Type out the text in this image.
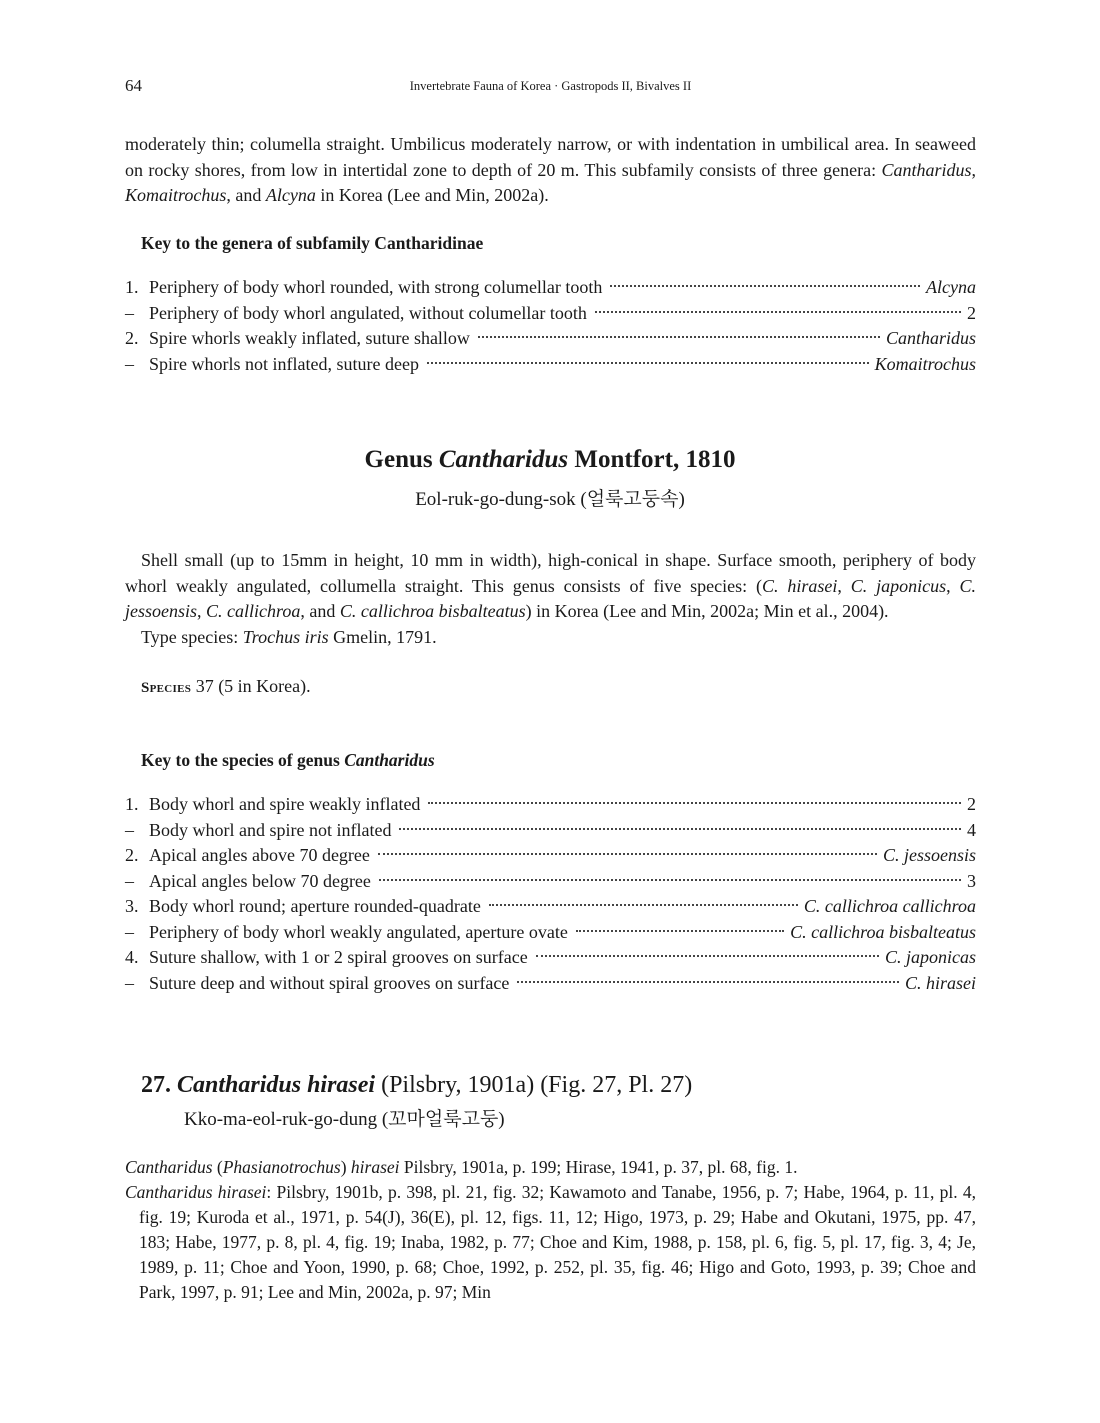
64	Invertebrate Fauna of Korea · Gastropods II, Bivalves II

moderately thin; columella straight. Umbilicus moderately narrow, or with indentation in umbilical area. In seaweed on rocky shores, from low in intertidal zone to depth of 20 m. This subfamily consists of three genera: Cantharidus, Komaitrochus, and Alcyna in Korea (Lee and Min, 2002a).

Key to the genera of subfamily Cantharidinae
1. Periphery of body whorl rounded, with strong columellar tooth	Alcyna
– Periphery of body whorl angulated, without columellar tooth	2
2. Spire whorls weakly inflated, suture shallow	Cantharidus
– Spire whorls not inflated, suture deep	Komaitrochus
Genus Cantharidus Montfort, 1810
Eol-ruk-go-dung-sok (얼룩고둥속)

Shell small (up to 15mm in height, 10 mm in width), high-conical in shape. Surface smooth, periphery of body whorl weakly angulated, collumella straight. This genus consists of five species: (C. hirasei, C. japonicus, C. jessoensis, C. callichroa, and C. callichroa bisbalteatus) in Korea (Lee and Min, 2002a; Min et al., 2004).

Type species: Trochus iris Gmelin, 1791.

Species 37 (5 in Korea).

Key to the species of genus Cantharidus
1. Body whorl and spire weakly inflated	2
– Body whorl and spire not inflated	4
2. Apical angles above 70 degree	C. jessoensis
– Apical angles below 70 degree	3
3. Body whorl round; aperture rounded-quadrate	C. callichroa callichroa
– Periphery of body whorl weakly angulated, aperture ovate	C. callichroa bisbalteatus
4. Suture shallow, with 1 or 2 spiral grooves on surface	C. japonicas
– Suture deep and without spiral grooves on surface	C. hirasei
27. Cantharidus hirasei (Pilsbry, 1901a) (Fig. 27, Pl. 27)
Kko-ma-eol-ruk-go-dung (꼬마얼룩고둥)

Cantharidus (Phasianotrochus) hirasei Pilsbry, 1901a, p. 199; Hirase, 1941, p. 37, pl. 68, fig. 1.

Cantharidus hirasei: Pilsbry, 1901b, p. 398, pl. 21, fig. 32; Kawamoto and Tanabe, 1956, p. 7; Habe, 1964, p. 11, pl. 4, fig. 19; Kuroda et al., 1971, p. 54(J), 36(E), pl. 12, figs. 11, 12; Higo, 1973, p. 29; Habe and Okutani, 1975, pp. 47, 183; Habe, 1977, p. 8, pl. 4, fig. 19; Inaba, 1982, p. 77; Choe and Kim, 1988, p. 158, pl. 6, fig. 5, pl. 17, fig. 3, 4; Je, 1989, p. 11; Choe and Yoon, 1990, p. 68; Choe, 1992, p. 252, pl. 35, fig. 46; Higo and Goto, 1993, p. 39; Choe and Park, 1997, p. 91; Lee and Min, 2002a, p. 97; Min
